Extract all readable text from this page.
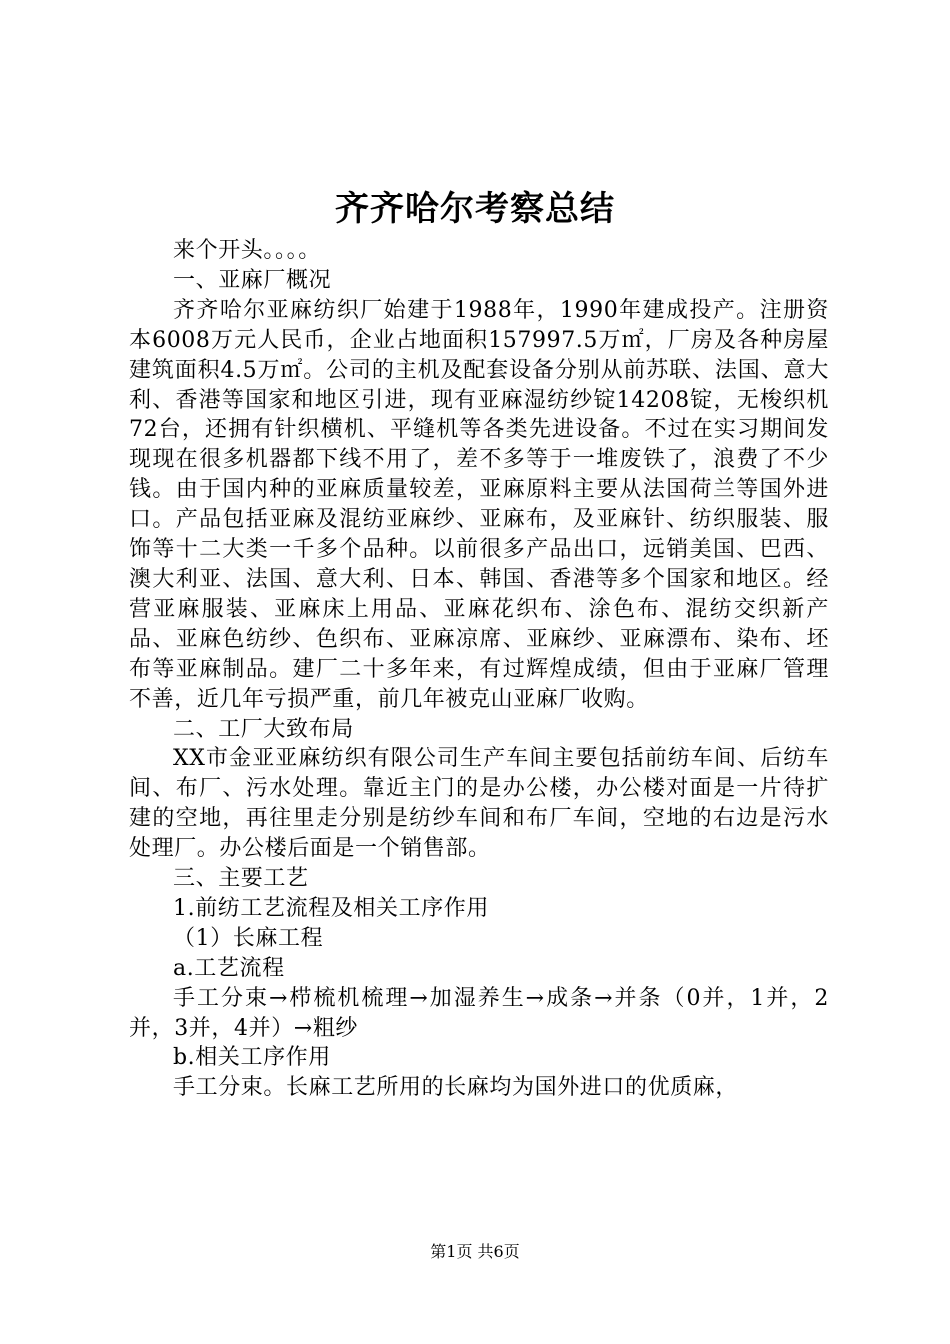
齐齐哈尔考察总结

来个开头。。。。

一、亚麻厂概况

齐齐哈尔亚麻纺织厂始建于1988年，1990年建成投产。注册资本6008万元人民币，企业占地面积157997.5万㎡，厂房及各种房屋建筑面积4.5万㎡。公司的主机及配套设备分别从前苏联、法国、意大利、香港等国家和地区引进，现有亚麻湿纺纱锭14208锭，无梭织机72台，还拥有针织横机、平缝机等各类先进设备。不过在实习期间发现现在很多机器都下线不用了，差不多等于一堆废铁了，浪费了不少钱。由于国内种的亚麻质量较差，亚麻原料主要从法国荷兰等国外进口。产品包括亚麻及混纺亚麻纱、亚麻布，及亚麻针、纺织服装、服饰等十二大类一千多个品种。以前很多产品出口，远销美国、巴西、澳大利亚、法国、意大利、日本、韩国、香港等多个国家和地区。经营亚麻服装、亚麻床上用品、亚麻花织布、涂色布、混纺交织新产品、亚麻色纺纱、色织布、亚麻凉席、亚麻纱、亚麻漂布、染布、坯布等亚麻制品。建厂二十多年来，有过辉煌成绩，但由于亚麻厂管理不善，近几年亏损严重，前几年被克山亚麻厂收购。

二、工厂大致布局

XX市金亚亚麻纺织有限公司生产车间主要包括前纺车间、后纺车间、布厂、污水处理。靠近主门的是办公楼，办公楼对面是一片待扩建的空地，再往里走分别是纺纱车间和布厂车间，空地的右边是污水处理厂。办公楼后面是一个销售部。

三、主要工艺

1.前纺工艺流程及相关工序作用

（1）长麻工程

a.工艺流程

手工分束→栉梳机梳理→加湿养生→成条→并条（0并，1并，2并，3并，4并）→粗纱

b.相关工序作用

手工分束。长麻工艺所用的长麻均为国外进口的优质麻，

第1页 共6页
